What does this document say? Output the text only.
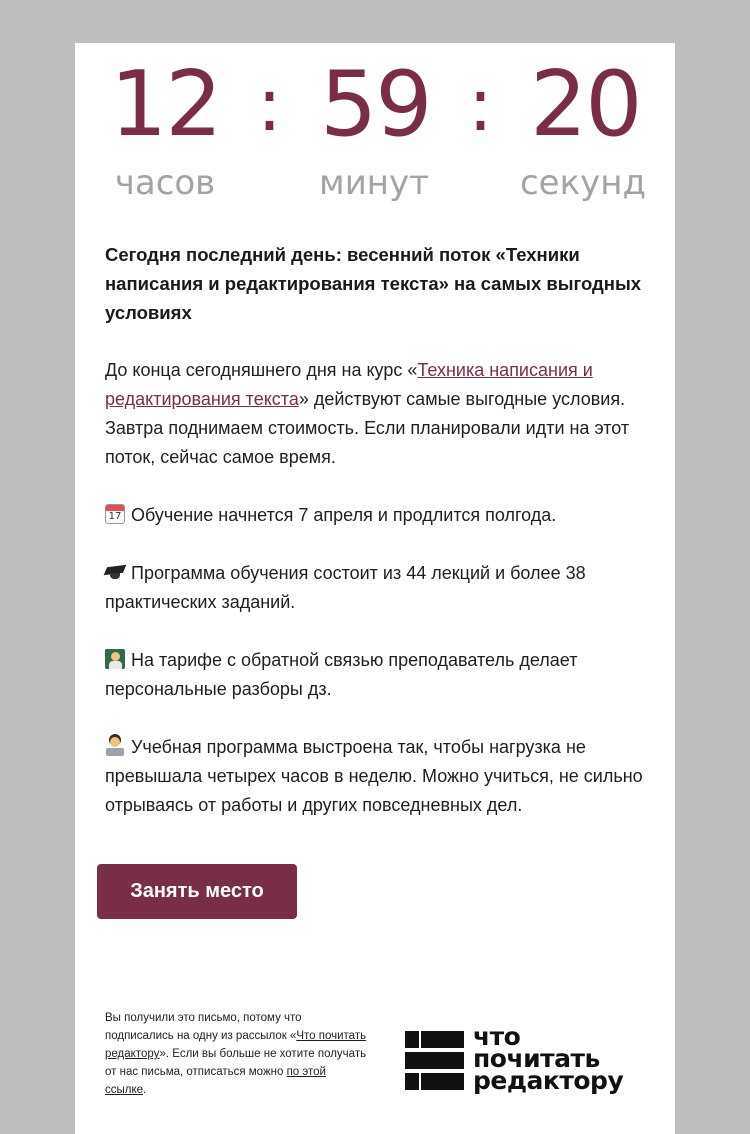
12 : 59 : 20
часов	минут	секунд

Сегодня последний день: весенний поток «Техники написания и редактирования текста» на самых выгодных условиях

До конца сегодняшнего дня на курс «Техника написания и редактирования текста» действуют самые выгодные условия. Завтра поднимаем стоимость. Если планировали идти на этот поток, сейчас самое время.

17Обучение начнется 7 апреля и продлится полгода.

Программа обучения состоит из 44 лекций и более 38 практических заданий.

На тарифе с обратной связью преподаватель делает персональные разборы дз.

Учебная программа выстроена так, чтобы нагрузка не превышала четырех часов в неделю. Можно учиться, не сильно отрываясь от работы и других повседневных дел.

Занять место
Вы получили это письмо, потому что подписались на одну из рассылок «Что почитать редактору». Если вы больше не хотите получать от нас письма, отписаться можно по этой ссылке.
что
почитать
редактору
